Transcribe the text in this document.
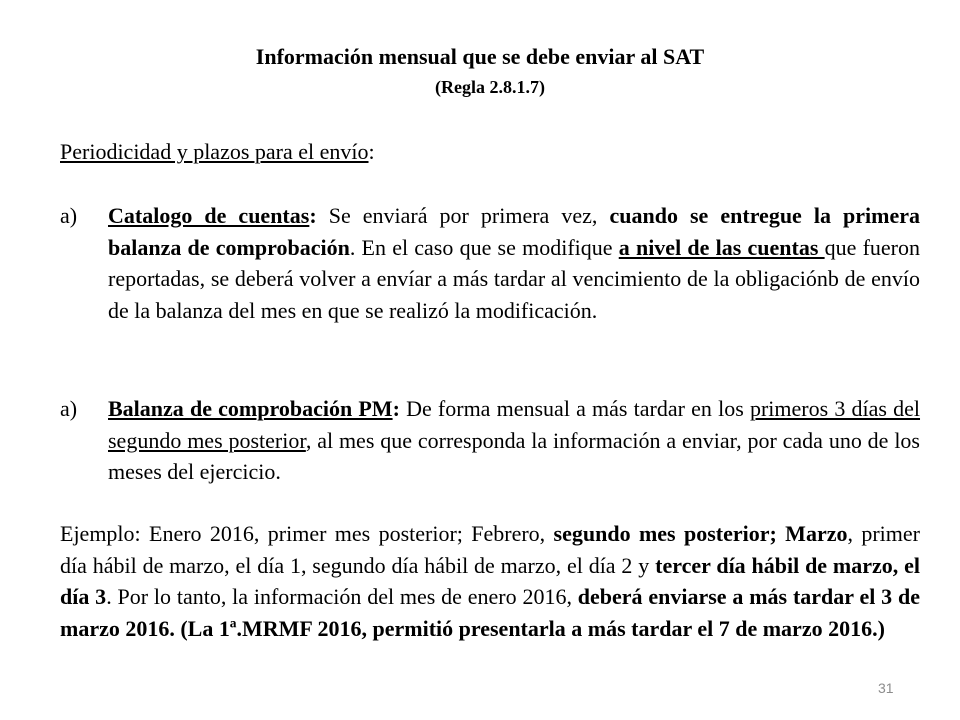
Información mensual que se debe enviar al SAT
(Regla 2.8.1.7)
Periodicidad y plazos para el envío:
a) Catalogo de cuentas: Se enviará por primera vez, cuando se entregue la primera balanza de comprobación. En el caso que se modifique a nivel de las cuentas que fueron reportadas, se deberá volver a envíar a más tardar al vencimiento de la obligaciónb de envío de la balanza del mes en que se realizó la modificación.
a) Balanza de comprobación PM: De forma mensual a más tardar en los primeros 3 días del segundo mes posterior, al mes que corresponda la información a enviar, por cada uno de los meses del ejercicio.
Ejemplo: Enero 2016, primer mes posterior; Febrero, segundo mes posterior; Marzo, primer día hábil de marzo, el día 1, segundo día hábil de marzo, el día 2 y tercer día hábil de marzo, el día 3. Por lo tanto, la información del mes de enero 2016, deberá enviarse a más tardar el 3 de marzo 2016. (La 1ª.MRMF 2016, permitió presentarla a más tardar el 7 de marzo 2016.)
31
